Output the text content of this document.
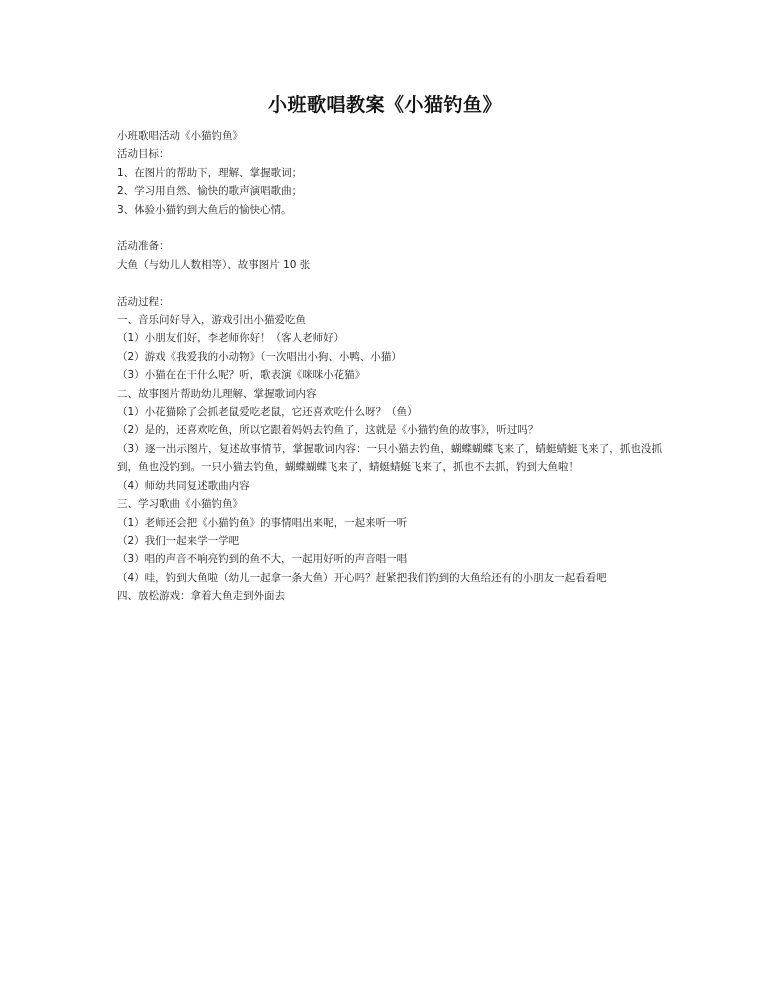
小班歌唱教案《小猫钓鱼》
小班歌唱活动《小猫钓鱼》
活动目标：
1、在图片的帮助下，理解、掌握歌词；
2、学习用自然、愉快的歌声演唱歌曲；
3、体验小猫钓到大鱼后的愉快心情。
活动准备：
大鱼（与幼儿人数相等）、故事图片 10 张
活动过程：
一、音乐问好导入，游戏引出小猫爱吃鱼
（1）小朋友们好，李老师你好！（客人老师好）
（2）游戏《我爱我的小动物》（一次唱出小狗、小鸭、小猫）
（3）小猫在在干什么呢？听，歌表演《咪咪小花猫》
二、故事图片帮助幼儿理解、掌握歌词内容
（1）小花猫除了会抓老鼠爱吃老鼠，它还喜欢吃什么呀？（鱼）
（2）是的，还喜欢吃鱼，所以它跟着妈妈去钓鱼了，这就是《小猫钓鱼的故事》，听过吗？
（3）逐一出示图片，复述故事情节，掌握歌词内容：一只小猫去钓鱼，蝴蝶蝴蝶飞来了，蜻蜓蜻蜓飞来了，抓也没抓到，鱼也没钓到。一只小猫去钓鱼，蝴蝶蝴蝶飞来了，蜻蜓蜻蜓飞来了，抓也不去抓，钓到大鱼啦！
（4）师幼共同复述歌曲内容
三、学习歌曲《小猫钓鱼》
（1）老师还会把《小猫钓鱼》的事情唱出来呢，一起来听一听
（2）我们一起来学一学吧
（3）唱的声音不响亮钓到的鱼不大，一起用好听的声音唱一唱
（4）哇，钓到大鱼啦（幼儿一起拿一条大鱼）开心吗？赶紧把我们钓到的大鱼给还有的小朋友一起看看吧
四、放松游戏：拿着大鱼走到外面去
